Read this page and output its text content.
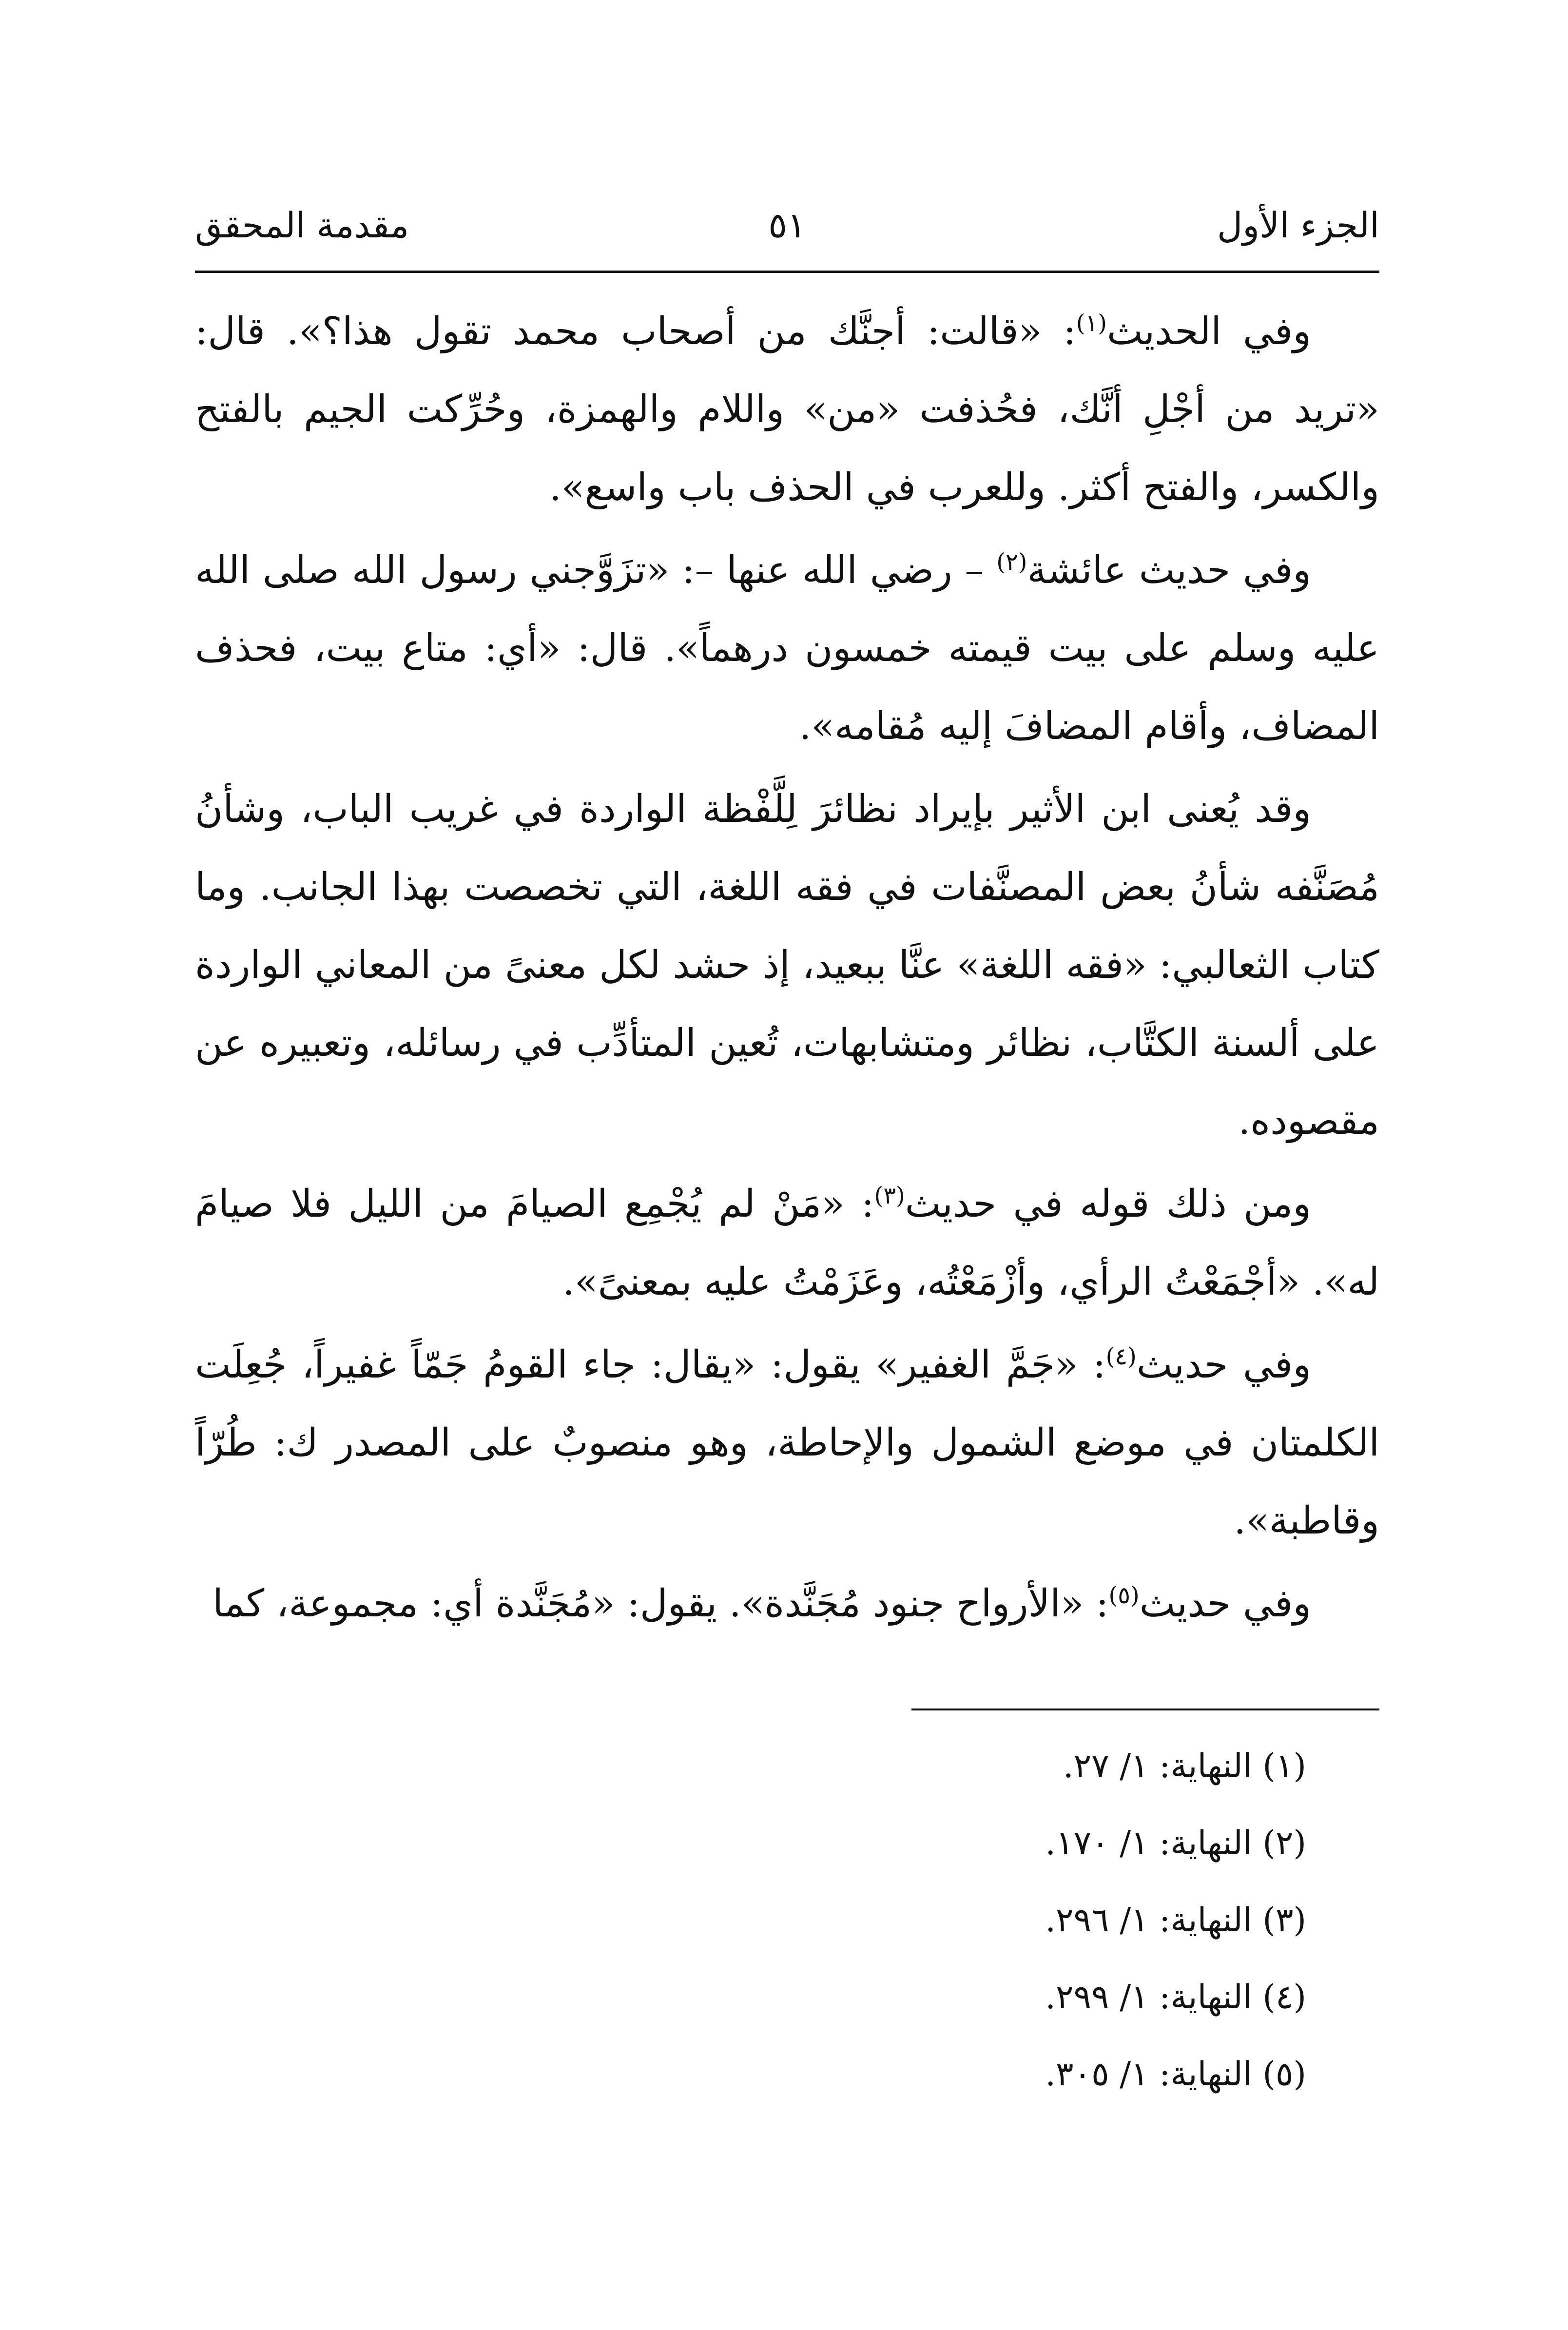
الجزء الأول
٥١
مقدمة المحقق

وفي الحديث$^{(١)}$: «قالت: أجنَّك من أصحاب محمد تقول هذا؟». قال: «تريد من أجْلِ أنَّك، فحُذفت «من» واللام والهمزة، وحُرِّكت الجيم بالفتح والكسر، والفتح أكثر. وللعرب في الحذف باب واسع».

وفي حديث عائشة$^{(٢)}$ – رضي الله عنها –: «تزَوَّجني رسول الله صلى الله عليه وسلم على بيت قيمته خمسون درهماً». قال: «أي: متاع بيت، فحذف المضاف، وأقام المضافَ إليه مُقامه».

وقد يُعنى ابن الأثير بإيراد نظائرَ لِلَّفْظة الواردة في غريب الباب، وشأنُ مُصَنَّفه شأنُ بعض المصنَّفات في فقه اللغة، التي تخصصت بهذا الجانب. وما كتاب الثعالبي: «فقه اللغة» عنَّا ببعيد، إذ حشد لكل معنىً من المعاني الواردة على ألسنة الكتَّاب، نظائر ومتشابهات، تُعين المتأدِّب في رسائله، وتعبيره عن مقصوده.

ومن ذلك قوله في حديث$^{(٣)}$: «مَنْ لم يُجْمِع الصيامَ من الليل فلا صيامَ له». «أجْمَعْتُ الرأي، وأزْمَعْتُه، وعَزَمْتُ عليه بمعنىً».

وفي حديث$^{(٤)}$: «جَمَّ الغفير» يقول: «يقال: جاء القومُ جَمّاً غفيراً، جُعِلَت الكلمتان في موضع الشمول والإحاطة، وهو منصوبٌ على المصدر ك: طُرّاً وقاطبة».

وفي حديث$^{(٥)}$: «الأرواح جنود مُجَنَّدة». يقول: «مُجَنَّدة أي: مجموعة، كما

(١) النهاية: ١/ ٢٧.

(٢) النهاية: ١/ ١٧٠.

(٣) النهاية: ١/ ٢٩٦.

(٤) النهاية: ١/ ٢٩٩.

(٥) النهاية: ١/ ٣٠٥.
